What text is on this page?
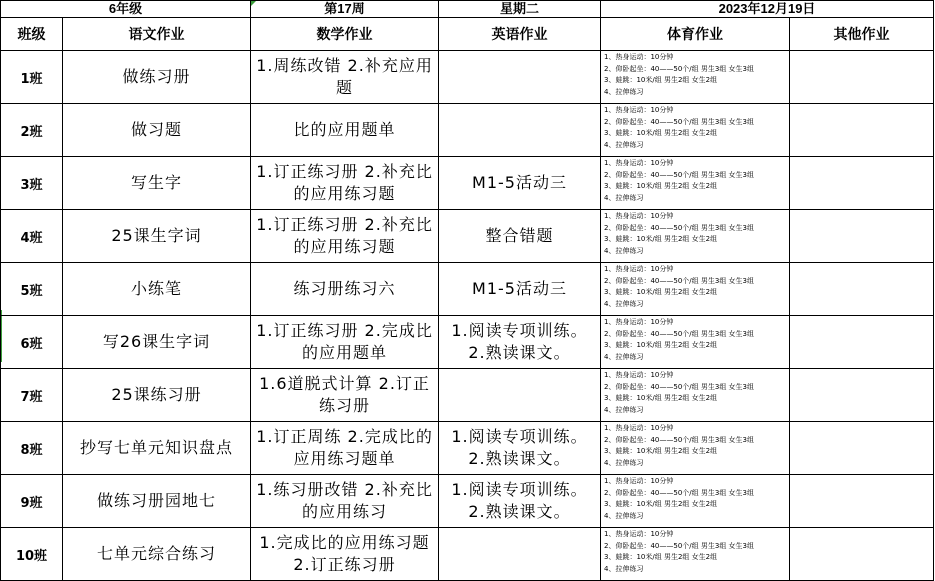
6年级		第17周	星期二	2023年12月19日	
班级	语文作业	数学作业	英语作业	体育作业	其他作业
1班	做练习册	1.周练改错 2.补充应用题		1、热身运动：10分钟
2、仰卧起坐：40——50个/组 男生3组 女生3组
3、蛙跳：10米/组 男生2组 女生2组
4、拉伸练习	

2班	做习题	比的应用题单		1、热身运动：10分钟
2、仰卧起坐：40——50个/组 男生3组 女生3组
3、蛙跳：10米/组 男生2组 女生2组
4、拉伸练习	

3班	写生字	1.订正练习册 2.补充比的应用练习题	M1-5活动三	1、热身运动：10分钟
2、仰卧起坐：40——50个/组 男生3组 女生3组
3、蛙跳：10米/组 男生2组 女生2组
4、拉伸练习	

4班	25课生字词	1.订正练习册 2.补充比的应用练习题	整合错题	1、热身运动：10分钟
2、仰卧起坐：40——50个/组 男生3组 女生3组
3、蛙跳：10米/组 男生2组 女生2组
4、拉伸练习	

5班	小练笔	练习册练习六	M1-5活动三	1、热身运动：10分钟
2、仰卧起坐：40——50个/组 男生3组 女生3组
3、蛙跳：10米/组 男生2组 女生2组
4、拉伸练习	

6班	写26课生字词	1.订正练习册 2.完成比的应用题单	1.阅读专项训练。2.熟读课文。	1、热身运动：10分钟
2、仰卧起坐：40——50个/组 男生3组 女生3组
3、蛙跳：10米/组 男生2组 女生2组
4、拉伸练习	

7班	25课练习册	1.6道脱式计算 2.订正练习册		1、热身运动：10分钟
2、仰卧起坐：40——50个/组 男生3组 女生3组
3、蛙跳：10米/组 男生2组 女生2组
4、拉伸练习	

8班	抄写七单元知识盘点	1.订正周练 2.完成比的应用练习题单	1.阅读专项训练。2.熟读课文。	1、热身运动：10分钟
2、仰卧起坐：40——50个/组 男生3组 女生3组
3、蛙跳：10米/组 男生2组 女生2组
4、拉伸练习	

9班	做练习册园地七	1.练习册改错 2.补充比的应用练习	1.阅读专项训练。2.熟读课文。	1、热身运动：10分钟
2、仰卧起坐：40——50个/组 男生3组 女生3组
3、蛙跳：10米/组 男生2组 女生2组
4、拉伸练习	

10班	七单元综合练习	1.完成比的应用练习题 2.订正练习册		1、热身运动：10分钟
2、仰卧起坐：40——50个/组 男生3组 女生3组
3、蛙跳：10米/组 男生2组 女生2组
4、拉伸练习	
